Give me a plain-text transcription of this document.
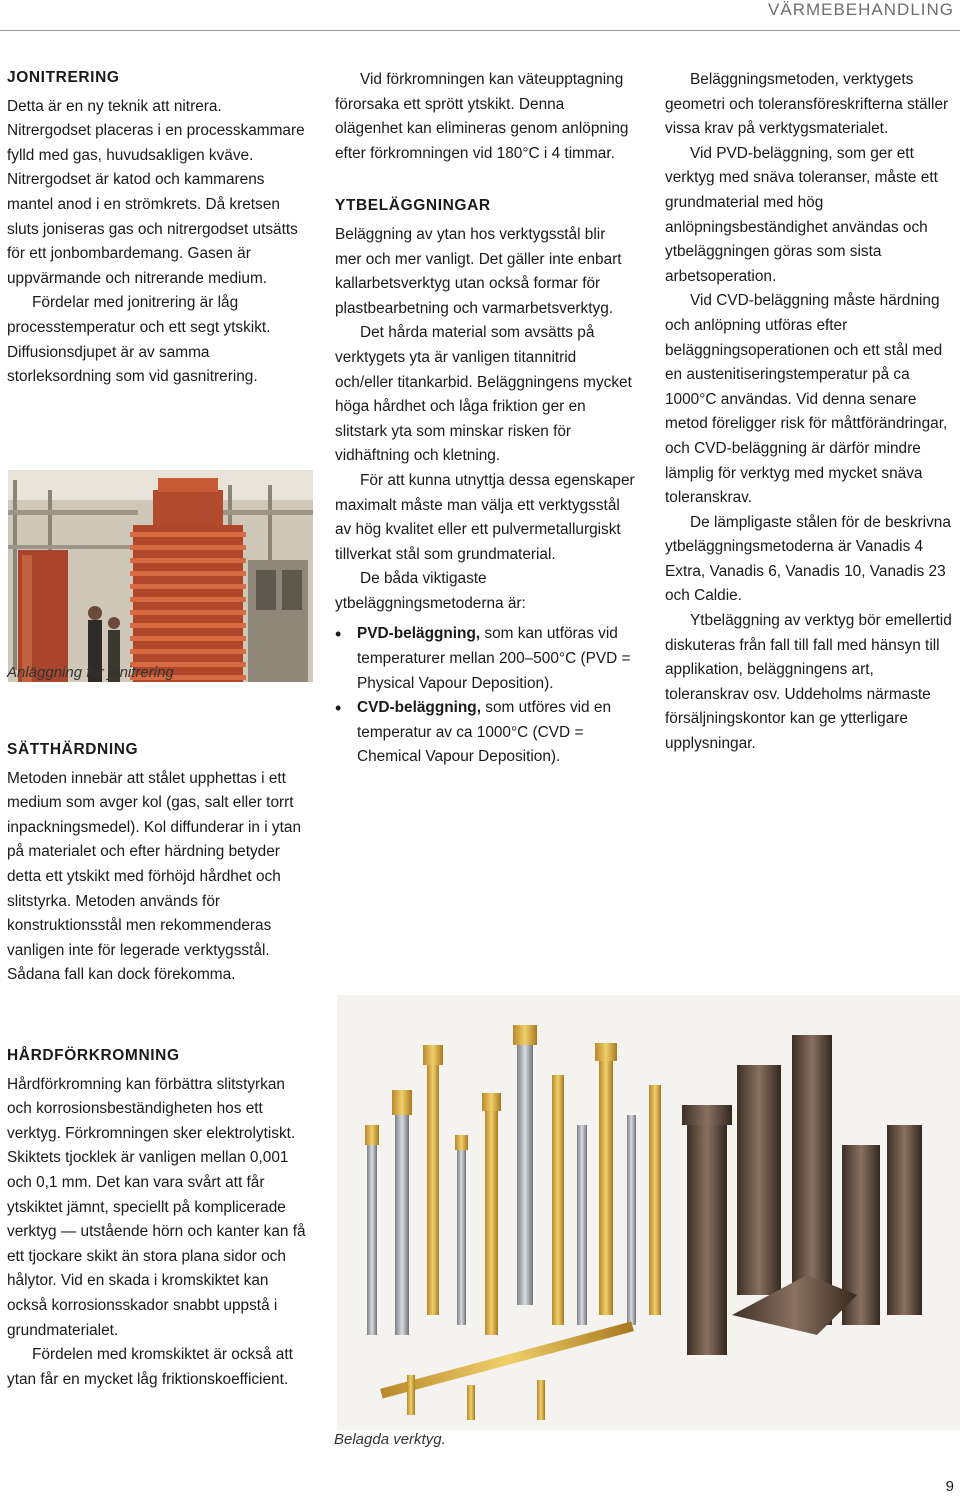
VÄRMEBEHANDLING
JONITRERING

Detta är en ny teknik att nitrera. Nitrergodset placeras i en processkammare fylld med gas, huvudsakligen kväve. Nitrergodset är katod och kammarens mantel anod i en strömkrets. Då kretsen sluts joniseras gas och nitrergodset utsätts för ett jonbombardemang. Gasen är uppvärmande och nitrerande medium.

Fördelar med jonitrering är låg processtemperatur och ett segt ytskikt. Diffusionsdjupet är av samma storleksordning som vid gasnitrering.

Anläggning för jonitrering
SÄTTHÄRDNING

Metoden innebär att stålet upphettas i ett medium som avger kol (gas, salt eller torrt inpackningsmedel). Kol diffunderar in i ytan på materialet och efter härdning betyder detta ett ytskikt med förhöjd hårdhet och slitstyrka. Metoden används för konstruktionsstål men rekommenderas vanligen inte för legerade verktygsstål. Sådana fall kan dock förekomma.

HÅRDFÖRKROMNING

Hårdförkromning kan förbättra slitstyrkan och korrosionsbeständigheten hos ett verktyg. Förkromningen sker elektrolytiskt. Skiktets tjocklek är vanligen mellan 0,001 och 0,1 mm. Det kan vara svårt att får ytskiktet jämnt, speciellt på komplicerade verktyg — utstående hörn och kanter kan få ett tjockare skikt än stora plana sidor och hålytor. Vid en skada i kromskiktet kan också korrosionsskador snabbt uppstå i grundmaterialet.

Fördelen med kromskiktet är också att ytan får en mycket låg friktionskoefficient.

Vid förkromningen kan väteupptagning förorsaka ett sprött ytskikt. Denna olägenhet kan elimineras genom anlöpning efter förkromningen vid 180°C i 4 timmar.

YTBELÄGGNINGAR

Beläggning av ytan hos verktygsstål blir mer och mer vanligt. Det gäller inte enbart kallarbetsverktyg utan också formar för plastbearbetning och varmarbetsverktyg.

Det hårda material som avsätts på verktygets yta är vanligen titannitrid och/eller titankarbid. Beläggningens mycket höga hårdhet och låga friktion ger en slitstark yta som minskar risken för vidhäftning och kletning.

För att kunna utnyttja dessa egenskaper maximalt måste man välja ett verktygsstål av hög kvalitet eller ett pulvermetallurgiskt tillverkat stål som grundmaterial.

De båda viktigaste ytbeläggningsmetoderna är:

• PVD-beläggning, som kan utföras vid temperaturer mellan 200–500°C (PVD = Physical Vapour Deposition).
• CVD-beläggning, som utföres vid en temperatur av ca 1000°C (CVD = Chemical Vapour Deposition).

Beläggningsmetoden, verktygets geometri och toleransföreskrifterna ställer vissa krav på verktygsmaterialet.

Vid PVD-beläggning, som ger ett verktyg med snäva toleranser, måste ett grundmaterial med hög anlöpningsbeständighet användas och ytbeläggningen göras som sista arbetsoperation.

Vid CVD-beläggning måste härdning och anlöpning utföras efter beläggningsoperationen och ett stål med en austenitiseringstemperatur på ca 1000°C användas. Vid denna senare metod föreligger risk för måttförändringar, och CVD-beläggning är därför mindre lämplig för verktyg med mycket snäva toleranskrav.

De lämpligaste stålen för de beskrivna ytbeläggningsmetoderna är Vanadis 4 Extra, Vanadis 6, Vanadis 10, Vanadis 23 och Caldie.

Ytbeläggning av verktyg bör emellertid diskuteras från fall till fall med hänsyn till applikation, beläggningens art, toleranskrav osv. Uddeholms närmaste försäljningskontor kan ge ytterligare upplysningar.

Belagda verktyg.
9
